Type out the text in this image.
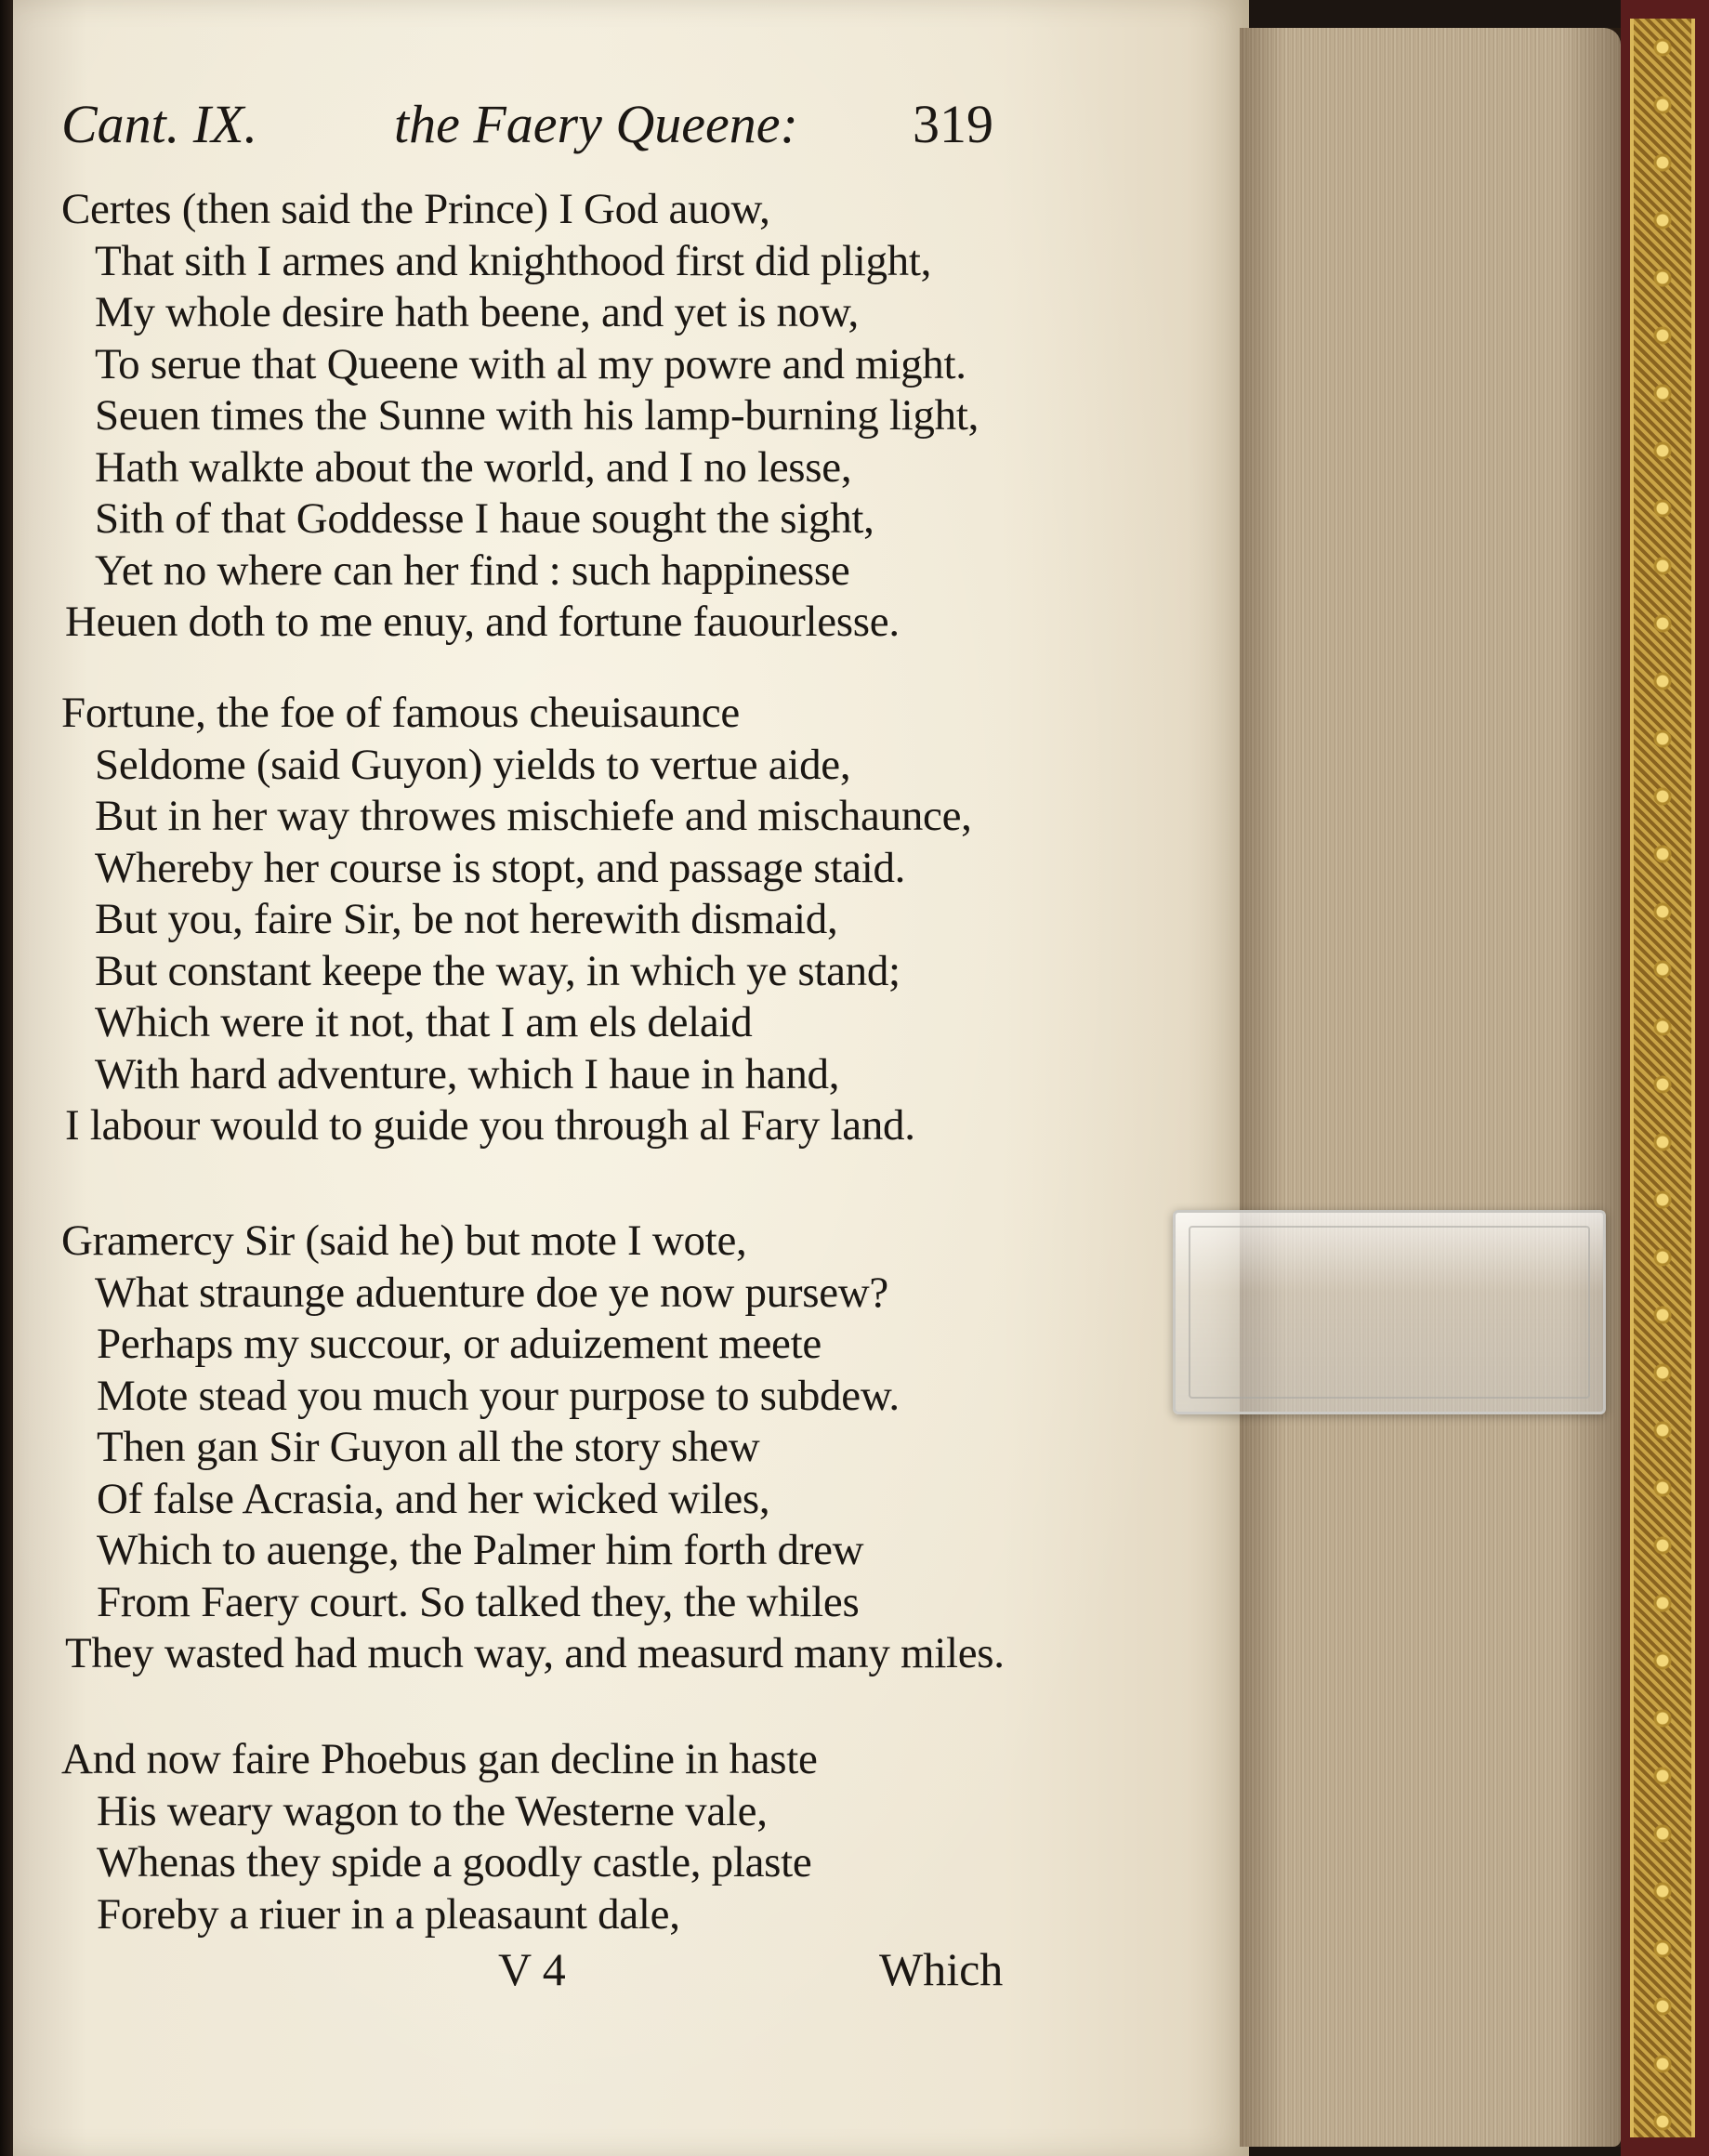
Cant. IX.	the Faery Queene: 319
Certes (then said the Prince) I God auow,
That sith I armes and knighthood first did plight,
My whole desire hath beene, and yet is now,
To serue that Queene with al my powre and might.
Seuen times the Sunne with his lamp-burning light,
Hath walkte about the world, and I no lesse,
Sith of that Goddesse I haue sought the sight,
Yet no where can her find : such happinesse
Heuen doth to me enuy, and fortune fauourlesse.
Fortune, the foe of famous cheuisaunce
Seldome (said Guyon) yields to vertue aide,
But in her way throwes mischiefe and mischaunce,
Whereby her course is stopt, and passage staid.
But you, faire Sir, be not herewith dismaid,
But constant keepe the way, in which ye stand;
Which were it not, that I am els delaid
With hard adventure, which I haue in hand,
I labour would to guide you through al Fary land.
Gramercy Sir (said he) but mote I wote,
What straunge aduenture doe ye now pursew?
Perhaps my succour, or aduizement meete
Mote stead you much your purpose to subdew.
Then gan Sir Guyon all the story shew
Of false Acrasia, and her wicked wiles,
Which to auenge, the Palmer him forth drew
From Faery court. So talked they, the whiles
They wasted had much way, and measurd many miles.
And now faire Phoebus gan decline in haste
His weary wagon to the Westerne vale,
Whenas they spide a goodly castle, plaste
Foreby a riuer in a pleasaunt dale,
V 4	Which
